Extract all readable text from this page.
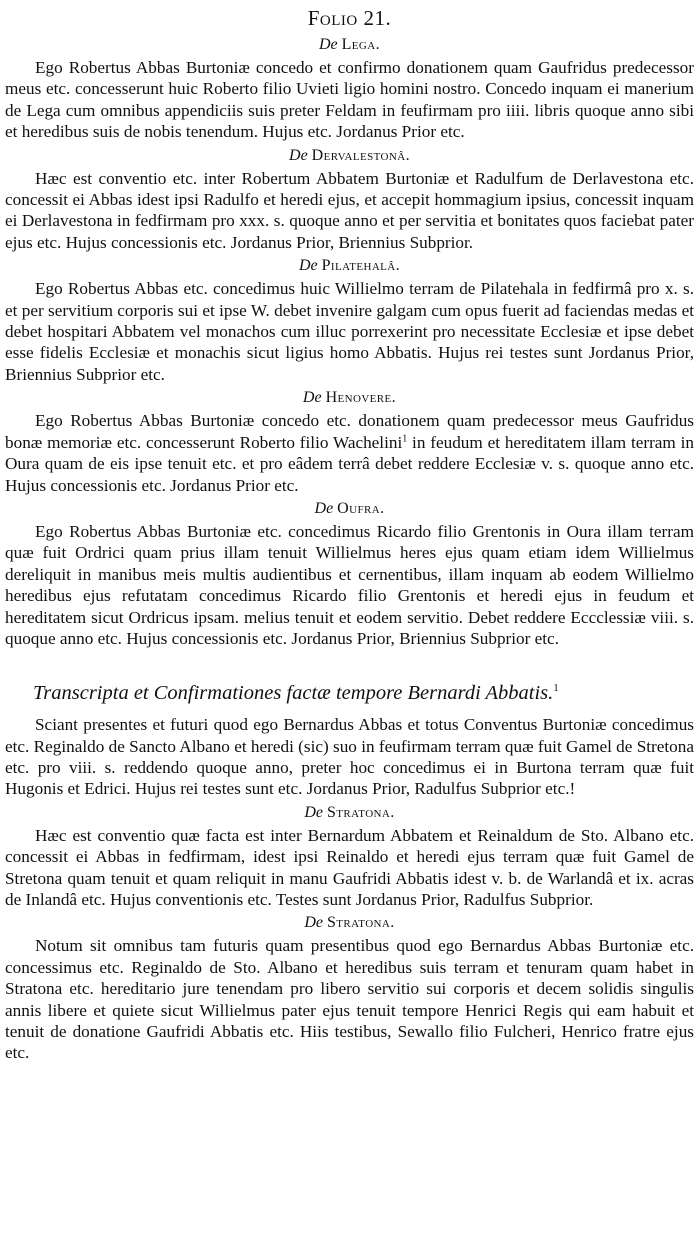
Folio 21.
De Lega.

Ego Robertus Abbas Burtoniæ concedo et confirmo donationem quam Gaufridus predecessor meus etc. concesserunt huic Roberto filio Uvieti ligio homini nostro. Concedo inquam ei manerium de Lega cum omnibus appendiciis suis preter Feldam in feufirmam pro iiii. libris quoque anno sibi et heredibus suis de nobis tenendum. Hujus etc. Jordanus Prior etc.

De Dervalestonâ.

Hæc est conventio etc. inter Robertum Abbatem Burtoniæ et Radulfum de Derlavestona etc. concessit ei Abbas idest ipsi Radulfo et heredi ejus, et accepit hommagium ipsius, concessit inquam ei Derlavestona in fedfirmam pro xxx. s. quoque anno et per servitia et bonitates quos faciebat pater ejus etc. Hujus concessionis etc. Jordanus Prior, Briennius Subprior.

De Pilatehalâ.

Ego Robertus Abbas etc. concedimus huic Willielmo terram de Pilatehala in fedfirmâ pro x. s. et per servitium corporis sui et ipse W. debet invenire galgam cum opus fuerit ad faciendas medas et debet hospitari Abbatem vel monachos cum illuc porrexerint pro necessitate Ecclesiæ et ipse debet esse fidelis Ecclesiæ et monachis sicut ligius homo Abbatis. Hujus rei testes sunt Jordanus Prior, Briennius Subprior etc.

De Henovere.

Ego Robertus Abbas Burtoniæ concedo etc. donationem quam predecessor meus Gaufridus bonæ memoriæ etc. concesserunt Roberto filio Wachelini$^1$ in feudum et hereditatem illam terram in Oura quam de eis ipse tenuit etc. et pro eâdem terrâ debet reddere Ecclesiæ v. s. quoque anno etc. Hujus concessionis etc. Jordanus Prior etc.

De Oufra.

Ego Robertus Abbas Burtoniæ etc. concedimus Ricardo filio Grentonis in Oura illam terram quæ fuit Ordrici quam prius illam tenuit Willielmus heres ejus quam etiam idem Willielmus dereliquit in manibus meis multis audientibus et cernentibus, illam inquam ab eodem Willielmo heredibus ejus refutatam concedimus Ricardo filio Grentonis et heredi ejus in feudum et hereditatem sicut Ordricus ipsam. melius tenuit et eodem servitio. Debet reddere Eccclessiæ viii. s. quoque anno etc. Hujus concessionis etc. Jordanus Prior, Briennius Subprior etc.

Transcripta et Confirmationes factæ tempore Bernardi Abbatis.$^1$

Sciant presentes et futuri quod ego Bernardus Abbas et totus Conventus Burtoniæ concedimus etc. Reginaldo de Sancto Albano et heredi (sic) suo in feufirmam terram quæ fuit Gamel de Stretona etc. pro viii. s. reddendo quoque anno, preter hoc concedimus ei in Burtona terram quæ fuit Hugonis et Edrici. Hujus rei testes sunt etc. Jordanus Prior, Radulfus Subprior etc.!

De Stratona.

Hæc est conventio quæ facta est inter Bernardum Abbatem et Reinaldum de Sto. Albano etc. concessit ei Abbas in fedfirmam, idest ipsi Reinaldo et heredi ejus terram quæ fuit Gamel de Stretona quam tenuit et quam reliquit in manu Gaufridi Abbatis idest v. b. de Warlandâ et ix. acras de Inlandâ etc. Hujus conventionis etc. Testes sunt Jordanus Prior, Radulfus Subprior.

De Stratona.

Notum sit omnibus tam futuris quam presentibus quod ego Bernardus Abbas Burtoniæ etc. concessimus etc. Reginaldo de Sto. Albano et heredibus suis terram et tenuram quam habet in Stratona etc. hereditario jure tenendam pro libero servitio sui corporis et decem solidis singulis annis libere et quiete sicut Willielmus pater ejus tenuit tempore Henrici Regis qui eam habuit et tenuit de donatione Gaufridi Abbatis etc. Hiis testibus, Sewallo filio Fulcheri, Henrico fratre ejus etc.
